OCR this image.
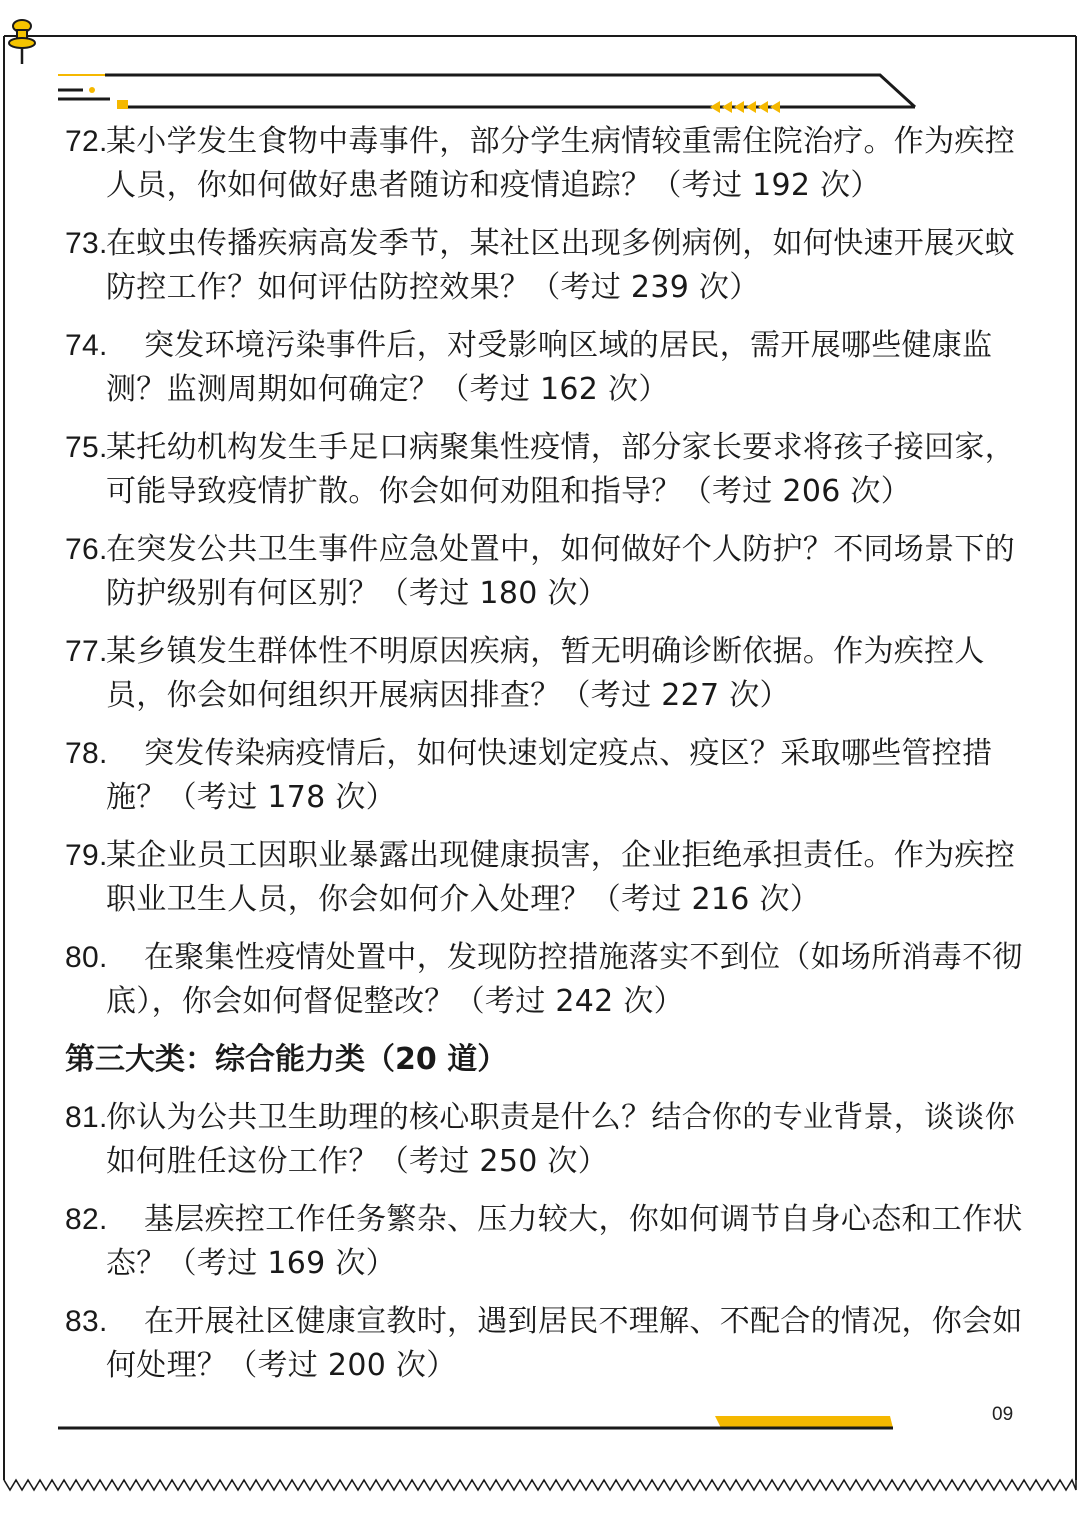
72.
某小学发生食物中毒事件，部分学生病情较重需住院治疗。作为疾控人员，你如何做好患者随访和疫情追踪？（考过 192 次）
73.
在蚊虫传播疾病高发季节，某社区出现多例病例，如何快速开展灭蚊防控工作？如何评估防控效果？（考过 239 次）
74. 突发环境污染事件后，对受影响区域的居民，需开展哪些健康监测？监测周期如何确定？（考过 162 次）
75.
某托幼机构发生手足口病聚集性疫情，部分家长要求将孩子接回家，可能导致疫情扩散。你会如何劝阻和指导？（考过 206 次）
76.
在突发公共卫生事件应急处置中，如何做好个人防护？不同场景下的防护级别有何区别？（考过 180 次）
77.
某乡镇发生群体性不明原因疾病，暂无明确诊断依据。作为疾控人员，你会如何组织开展病因排查？（考过 227 次）
78. 突发传染病疫情后，如何快速划定疫点、疫区？采取哪些管控措施？（考过 178 次）
79.
某企业员工因职业暴露出现健康损害，企业拒绝承担责任。作为疾控职业卫生人员，你会如何介入处理？（考过 216 次）
80. 在聚集性疫情处置中，发现防控措施落实不到位（如场所消毒不彻底），你会如何督促整改？（考过 242 次）
第三大类：综合能力类（20 道）
81.
你认为公共卫生助理的核心职责是什么？结合你的专业背景，谈谈你如何胜任这份工作？（考过 250 次）
82. 基层疾控工作任务繁杂、压力较大，你如何调节自身心态和工作状态？（考过 169 次）
83. 在开展社区健康宣教时，遇到居民不理解、不配合的情况，你会如何处理？（考过 200 次）
09
